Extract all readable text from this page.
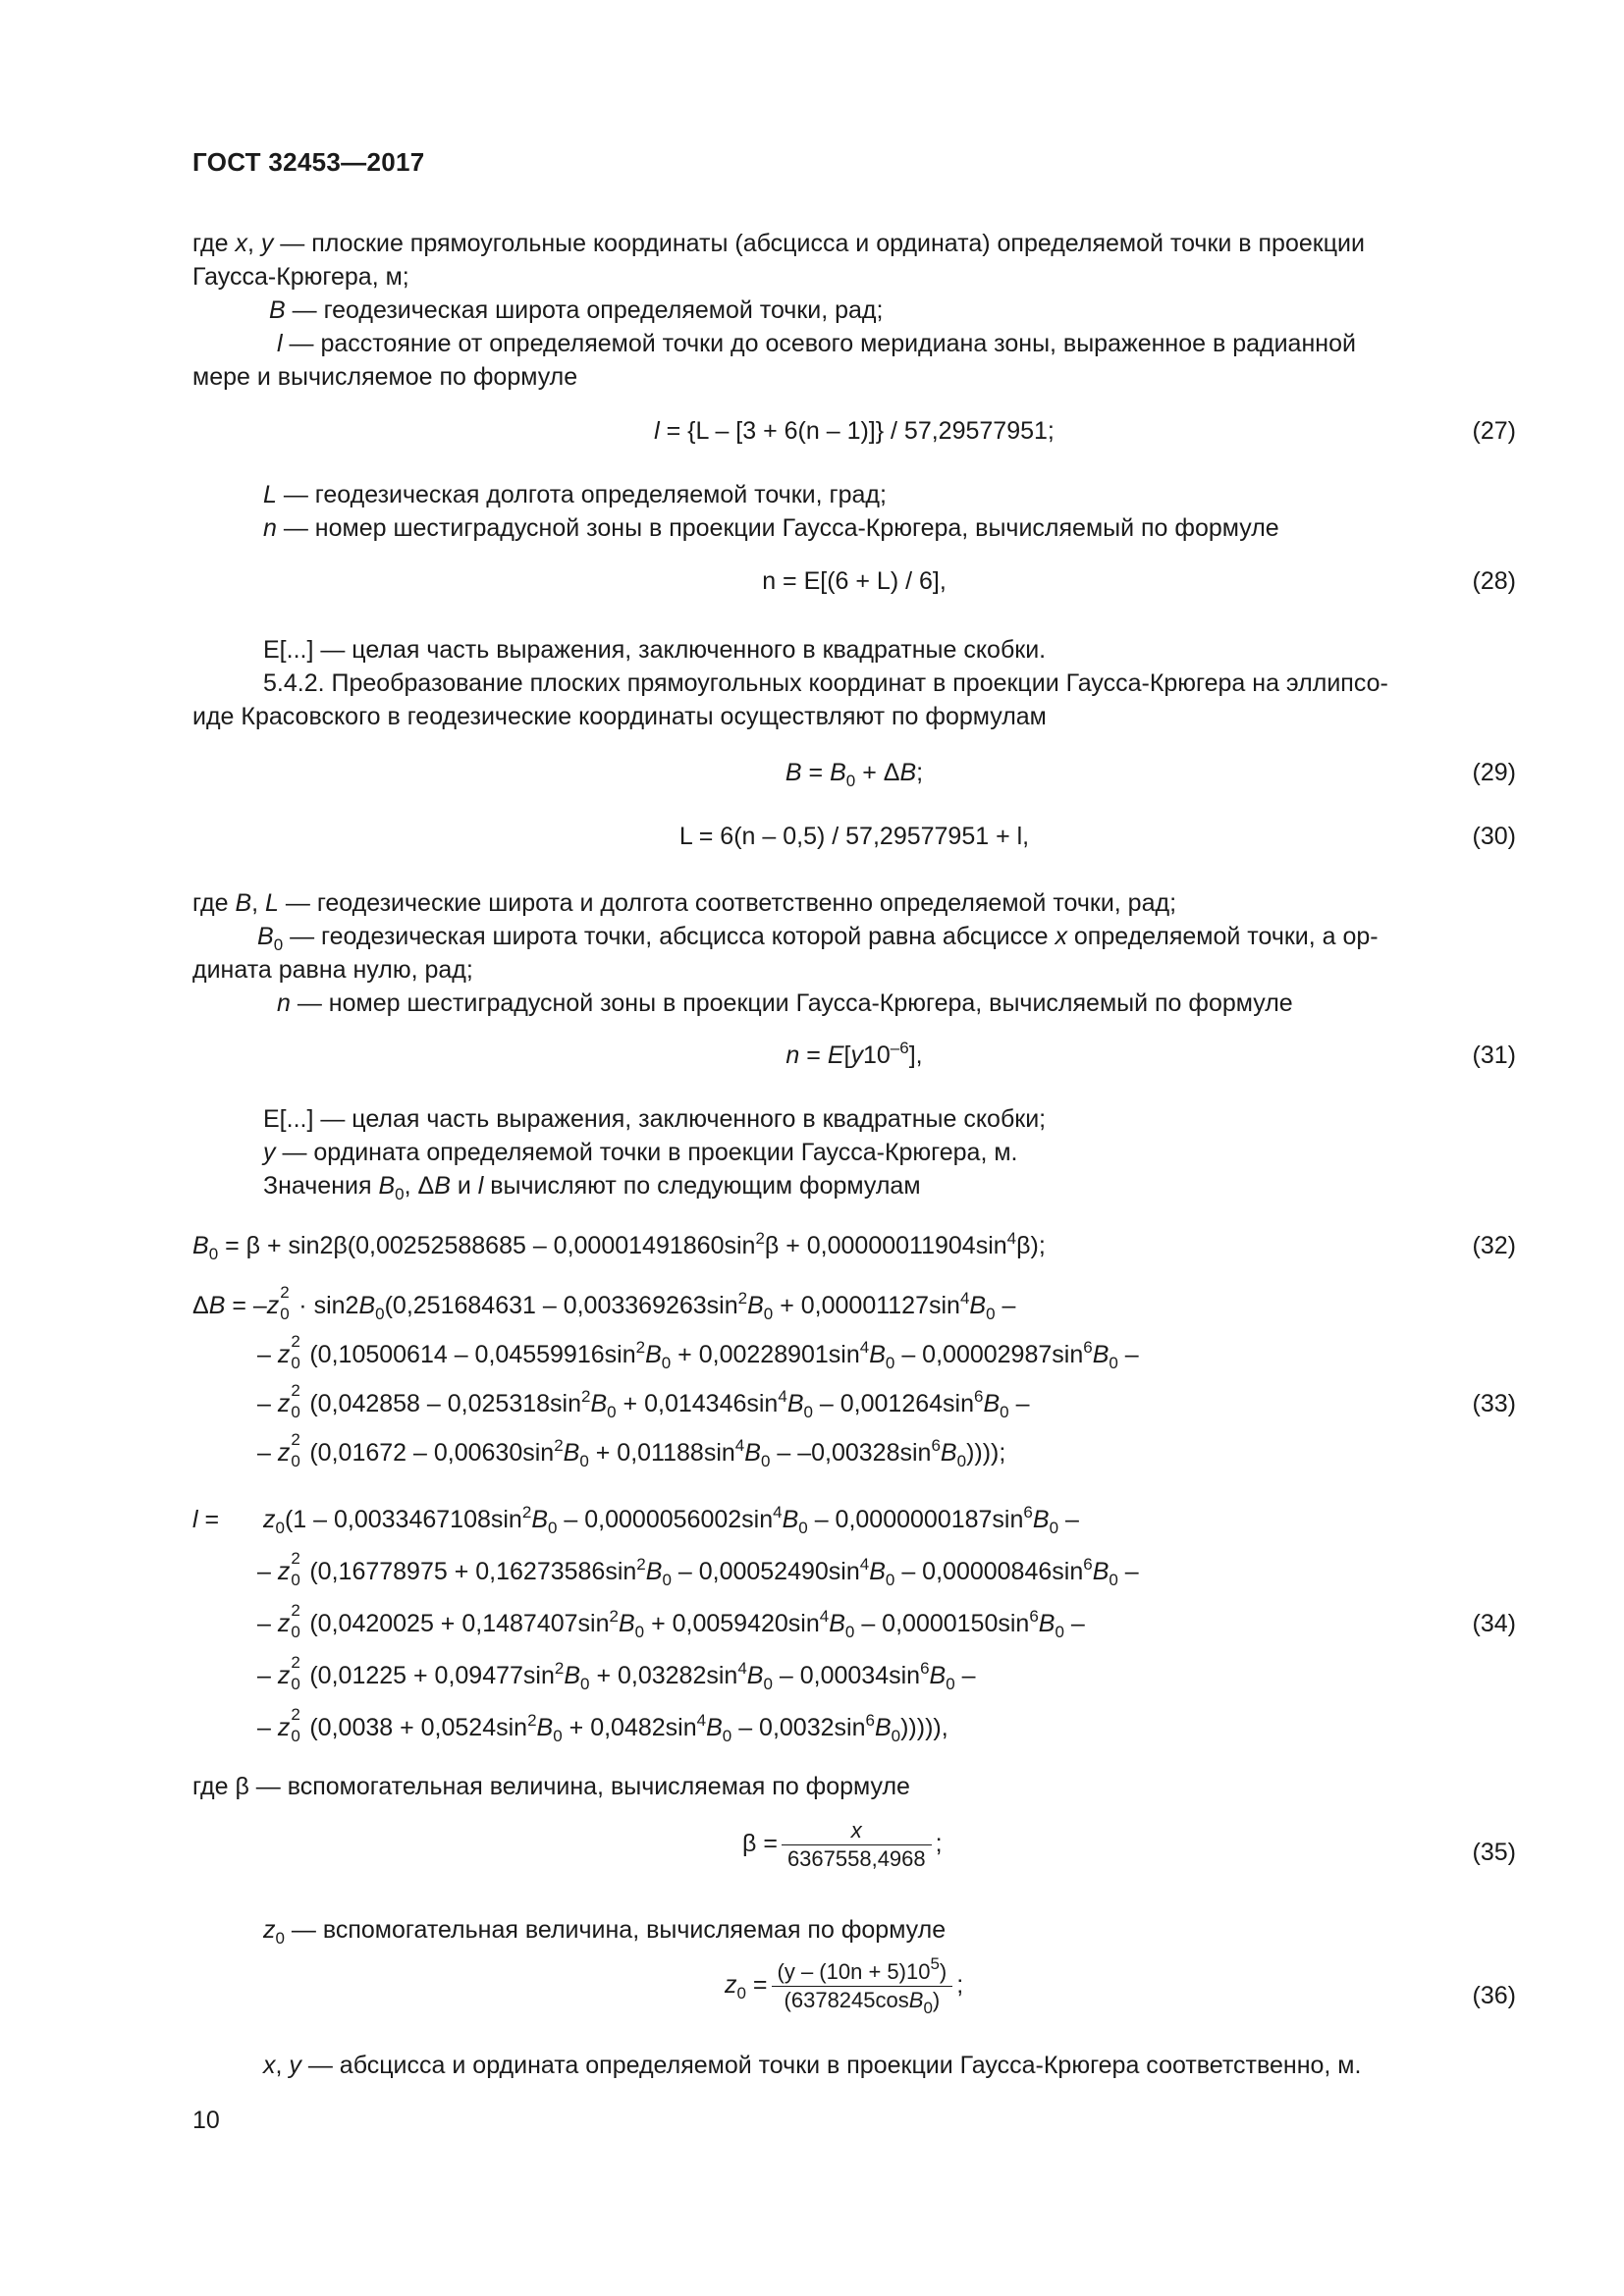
ГОСТ 32453—2017
где x, y — плоские прямоугольные координаты (абсцисса и ордината) определяемой точки в проекции
Гаусса-Крюгера, м;
B — геодезическая широта определяемой точки, рад;
l — расстояние от определяемой точки до осевого меридиана зоны, выраженное в радианной
мере и вычисляемое по формуле
l = {L – [3 + 6(n – 1)]} / 57,29577951;	(27)
L — геодезическая долгота определяемой точки, град;
n — номер шестиградусной зоны в проекции Гаусса-Крюгера, вычисляемый по формуле
n = E[(6 + L) / 6],	(28)
E[...] — целая часть выражения, заключенного в квадратные скобки.
5.4.2. Преобразование плоских прямоугольных координат в проекции Гаусса-Крюгера на эллипсо-
иде Красовского в геодезические координаты осуществляют по формулам
$B = B_0 + \Delta B$;	(29)
L = 6(n – 0,5) / 57,29577951 + l,	(30)
где B, L — геодезические широта и долгота соответственно определяемой точки, рад;
$B_0$ — геодезическая широта точки, абсцисса которой равна абсциссе x определяемой точки, а ор-
дината равна нулю, рад;
n — номер шестиградусной зоны в проекции Гаусса-Крюгера, вычисляемый по формуле
$n = E[y10^{-6}]$,	(31)
E[...] — целая часть выражения, заключенного в квадратные скобки;
y — ордината определяемой точки в проекции Гаусса-Крюгера, м.
Значения $B_0$, ΔB и l вычисляют по следующим формулам
$B_0 = \beta + \sin 2\beta(0,00252588685 - 0,00001491860\sin^2\beta + 0,00000011904\sin^4\beta)$;	(32)
ΔB = –z 2
$0 \cdot \sin 2B_0(0,251684631 - 0,003369263\sin^2B_0 + 0,00001127\sin^4B_0$ –
– z 2
0 ($0,10500614 - 0,04559916\sin^2B_0 + 0,00228901\sin^4B_0 - 0,00002987\sin^6B_0$ –
– z 2
0 ($0,042858 - 0,025318\sin^2B_0 + 0,014346\sin^4B_0 - 0,001264\sin^6B_0$ –	(33)
– z 2
0 $(0,01672 - 0,00630\sin^2B_0 + 0,01188\sin^4B_0 - -0,00328\sin^6B_0)$)));
$l = z_0(1 - 0,0033467108\sin^2B_0 - 0,0000056002\sin^4B_0 - 0,0000000187\sin^6B_0$ –
– z 2
0 ($0,16778975 + 0,16273586\sin^2B_0 - 0,00052490\sin^4B_0 - 0,00000846\sin^6B_0$ –
– z 2
0 ($0,0420025 + 0,1487407\sin^2B_0 + 0,0059420\sin^4B_0 - 0,0000150\sin^6B_0$ –	(34)
– z 2
0 ($0,01225 + 0,09477\sin^2B_0 + 0,03282\sin^4B_0 - 0,00034\sin^6B_0$ –
– z 2
0 $(0,0038 + 0,0524\sin^2B_0 + 0,0482\sin^4B_0 - 0,0032\sin^6B_0)$)))),
где β — вспомогательная величина, вычисляемая по формуле
$\beta = \frac{x}{6367558,4968}$ ;	(35)
$z_0$ — вспомогательная величина, вычисляемая по формуле
$z_0 = \frac{(y - (10n + 5)10^5)}{(6378245\cos B_0)}$ ;	(36)
x, y — абсцисса и ордината определяемой точки в проекции Гаусса-Крюгера соответственно, м.
10
